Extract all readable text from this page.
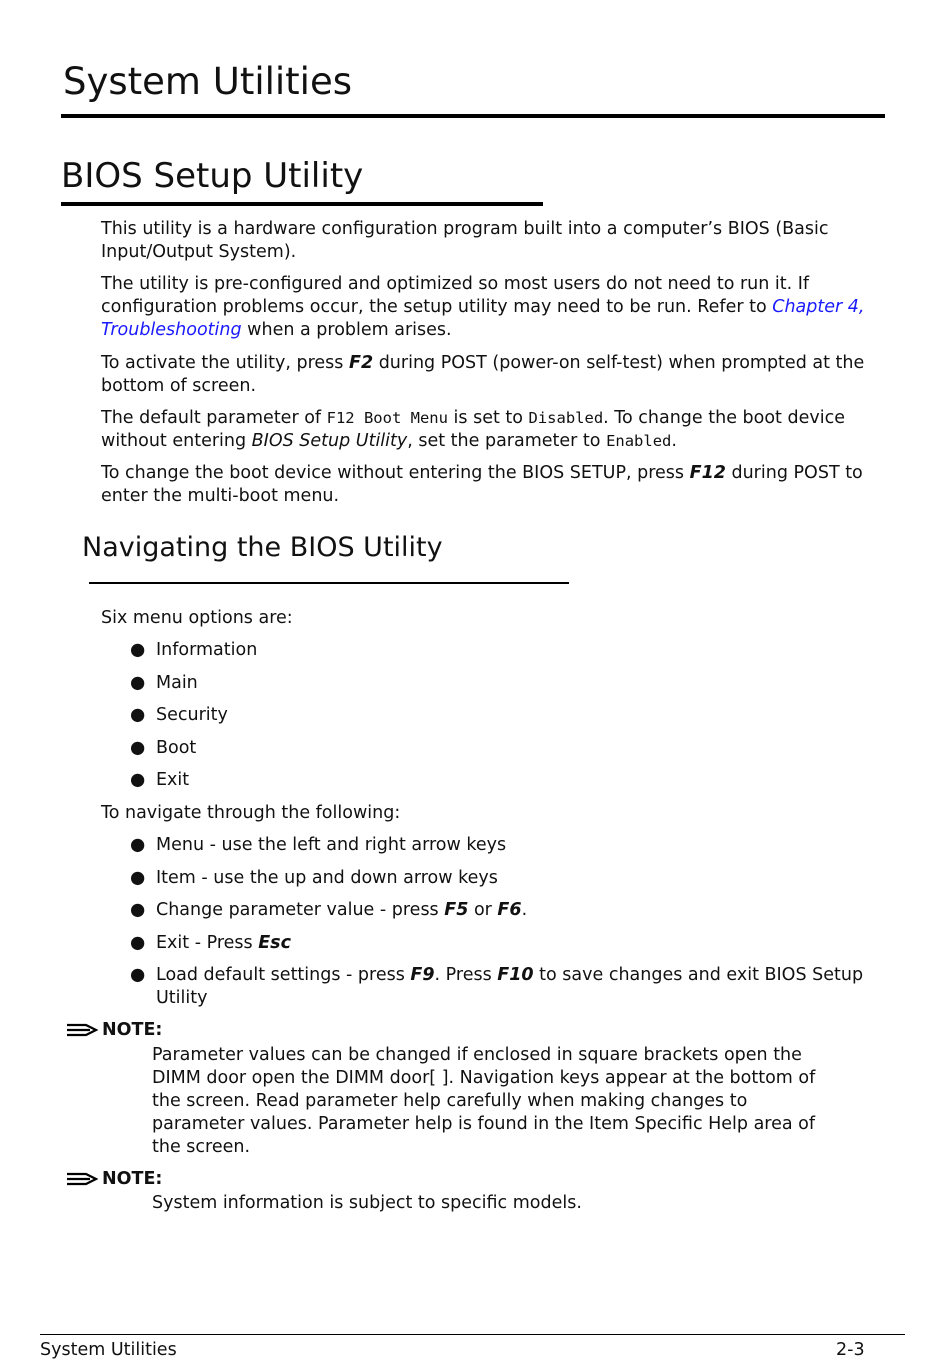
System Utilities
BIOS Setup Utility

This utility is a hardware configuration program built into a computer’s BIOS (Basic Input/Output System).

The utility is pre-configured and optimized so most users do not need to run it. If configuration problems occur, the setup utility may need to be run. Refer to Chapter 4, Troubleshooting when a problem arises.

To activate the utility, press F2 during POST (power-on self-test) when prompted at the bottom of screen.

The default parameter of F12 Boot Menu is set to Disabled. To change the boot device without entering BIOS Setup Utility, set the parameter to Enabled.

To change the boot device without entering the BIOS SETUP, press F12 during POST to enter the multi-boot menu.

Navigating the BIOS Utility

Six menu options are:

● Information
● Main
● Security
● Boot
● Exit

To navigate through the following:

● Menu - use the left and right arrow keys
● Item - use the up and down arrow keys
● Change parameter value - press F5 or F6.
● Exit - Press Esc
● Load default settings - press F9. Press F10 to save changes and exit BIOS Setup Utility
NOTE:

Parameter values can be changed if enclosed in square brackets open the DIMM door open the DIMM door[ ]. Navigation keys appear at the bottom of the screen. Read parameter help carefully when making changes to parameter values. Parameter help is found in the Item Specific Help area of the screen.

NOTE:

System information is subject to specific models.

System Utilities	2-3
